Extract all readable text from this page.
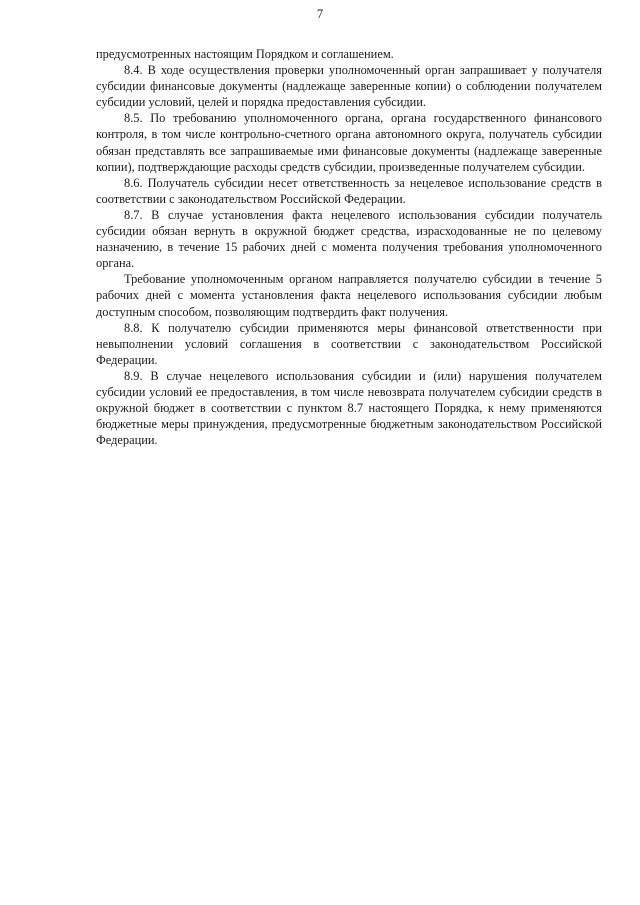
7

предусмотренных настоящим Порядком и соглашением.

8.4. В ходе осуществления проверки уполномоченный орган запрашивает у получателя субсидии финансовые документы (надлежаще заверенные копии) о соблюдении получателем субсидии условий, целей и порядка предоставления субсидии.

8.5. По требованию уполномоченного органа, органа государственного финансового контроля, в том числе контрольно-счетного органа автономного округа, получатель субсидии обязан представлять все запрашиваемые ими финансовые документы (надлежаще заверенные копии), подтверждающие расходы средств субсидии, произведенные получателем субсидии.

8.6. Получатель субсидии несет ответственность за нецелевое использование средств в соответствии с законодательством Российской Федерации.

8.7. В случае установления факта нецелевого использования субсидии получатель субсидии обязан вернуть в окружной бюджет средства, израсходованные не по целевому назначению, в течение 15 рабочих дней с момента получения требования уполномоченного органа.

Требование уполномоченным органом направляется получателю субсидии в течение 5 рабочих дней с момента установления факта нецелевого использования субсидии любым доступным способом, позволяющим подтвердить факт получения.

8.8. К получателю субсидии применяются меры финансовой ответственности при невыполнении условий соглашения в соответствии с законодательством Российской Федерации.

8.9. В случае нецелевого использования субсидии и (или) нарушения получателем субсидии условий ее предоставления, в том числе невозврата получателем субсидии средств в окружной бюджет в соответствии с пунктом 8.7 настоящего Порядка, к нему применяются бюджетные меры принуждения, предусмотренные бюджетным законодательством Российской Федерации.
